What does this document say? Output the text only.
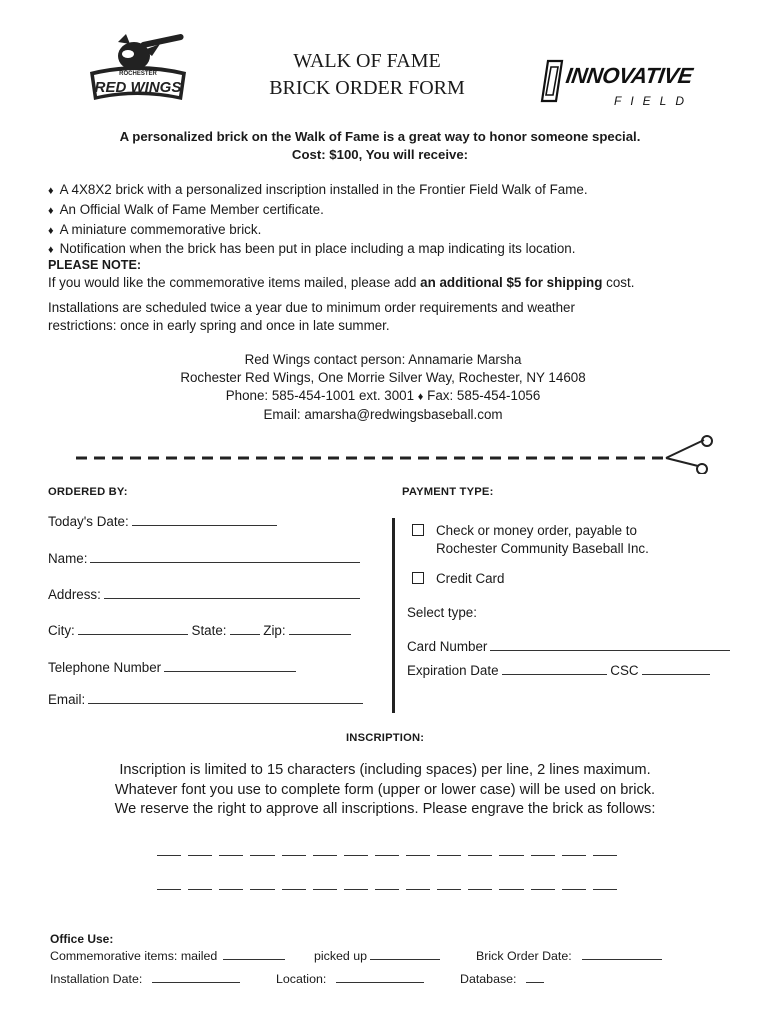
ROCHESTER
RED WINGS
WALK OF FAME
BRICK ORDER FORM	INNOVATIVE
FIELD
A personalized brick on the Walk of Fame is a great way to honor someone special.
Cost: $100, You will receive:
♦ A 4X8X2 brick with a personalized inscription installed in the Frontier Field Walk of Fame.
♦ An Official Walk of Fame Member certificate.
♦ A miniature commemorative brick.
♦ Notification when the brick has been put in place including a map indicating its location.
PLEASE NOTE:
If you would like the commemorative items mailed, please add an additional $5 for shipping cost.
Installations are scheduled twice a year due to minimum order requirements and weather
restrictions: once in early spring and once in late summer.
Red Wings contact person: Annamarie Marsha
Rochester Red Wings, One Morrie Silver Way, Rochester, NY 14608
Phone: 585-454-1001 ext. 3001 ♦ Fax: 585-454-1056
Email: amarsha@redwingsbaseball.com
ORDERED BY:	PAYMENT TYPE:
Today's Date:
Name:
Address:
City:	State:	Zip:
Telephone Number
Email:
Check or money order, payable to
Rochester Community Baseball Inc.
Credit Card
Select type:
Card Number
Expiration Date	CSC
INSCRIPTION:
Inscription is limited to 15 characters (including spaces) per line, 2 lines maximum.
Whatever font you use to complete form (upper or lower case) will be used on brick.
We reserve the right to approve all inscriptions. Please engrave the brick as follows:
Office Use:
Commemorative items: mailed	picked up	Brick Order Date:
Installation Date:	Location:	Database:
